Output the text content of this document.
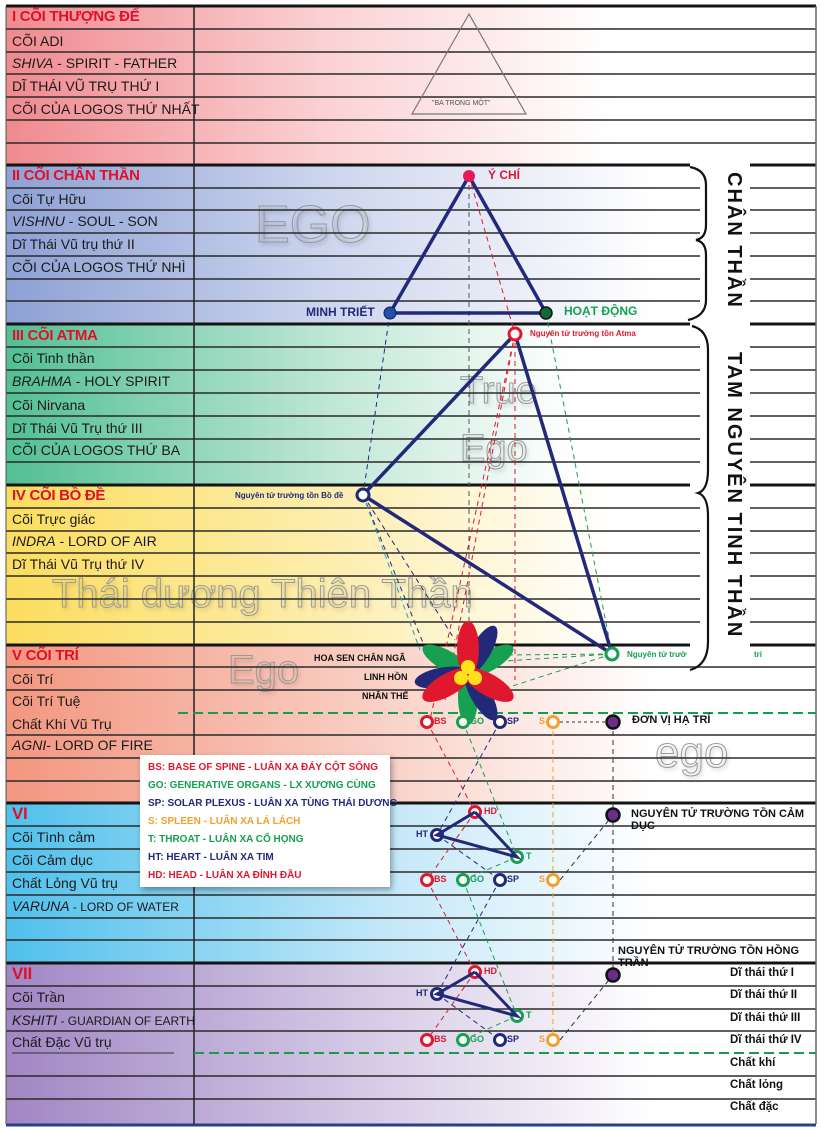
EGO
True
Ego
Thái dương Thiên Thần
Ego
ego
I CÕI THƯỢNG ĐẾ
CÕI ADI
SHIVA - SPIRIT - FATHER
DĨ THÁI VŨ TRỤ THỨ I
CÕI CỦA LOGOS THỨ NHẤT
II CÕI CHÂN THẦN
Cõi Tự Hữu
VISHNU - SOUL - SON
Dĩ Thái Vũ trụ thứ II
CÕI CỦA LOGOS THỨ NHÌ
III CÕI ATMA
Cõi Tinh thần
BRAHMA - HOLY SPIRIT
Cõi Nirvana
Dĩ Thái Vũ Trụ thứ III
CÕI CỦA LOGOS THỨ BA
IV CÕI BỒ ĐỀ
Cõi Trực giác
INDRA - LORD OF AIR
Dĩ Thái Vũ Trụ thứ IV
V CÕI TRÍ
Cõi Trí
Cõi Trí Tuệ
Chất Khí Vũ Trụ
AGNI- LORD OF FIRE
VI
Cõi Tình cảm
Cõi Cảm dục
Chất Lỏng Vũ trụ
VARUNA - LORD OF WATER
VII
Cõi Trần
KSHITI - GUARDIAN OF EARTH
Chất Đặc Vũ trụ
"BA TRONG MỘT"
Ý CHÍ
MINH TRIẾT	HOẠT ĐỘNG
Nguyên tử trường tồn Atma
Nguyên tử trường tồn Bồ đề
Nguyên tử trườ	trí
HOA SEN CHÂN NGÃ
LINH HỒN
NHÂN THẾ
BS	GO	SP S
HD
HT
T
BS	GO	SP S
HD
HT
T
BS	GO	SP S
ĐƠN VỊ HẠ TRÍ
NGUYÊN TỬ TRƯỜNG TỒN CẢM DỤC
NGUYÊN TỬ TRƯỜNG TỒN HỒNG TRẦN
Dĩ thái thứ I
Dĩ thái thứ II
Dĩ thái thứ III
Dĩ thái thứ IV
Chất khí
Chất lỏng
Chất đặc
CHÂN THẦN
TAM NGUYÊN TINH THẦN
BS: BASE OF SPINE - LUÂN XA ĐÁY CỘT SỐNG
GO: GENERATIVE ORGANS - LX XƯƠNG CÙNG
SP: SOLAR PLEXUS - LUÂN XA TÙNG THÁI DƯƠNG
S: SPLEEN - LUÂN XA LÁ LÁCH
T: THROAT - LUÂN XA CỔ HỌNG
HT: HEART - LUÂN XA TIM
HD: HEAD - LUÂN XA ĐỈNH ĐẦU
